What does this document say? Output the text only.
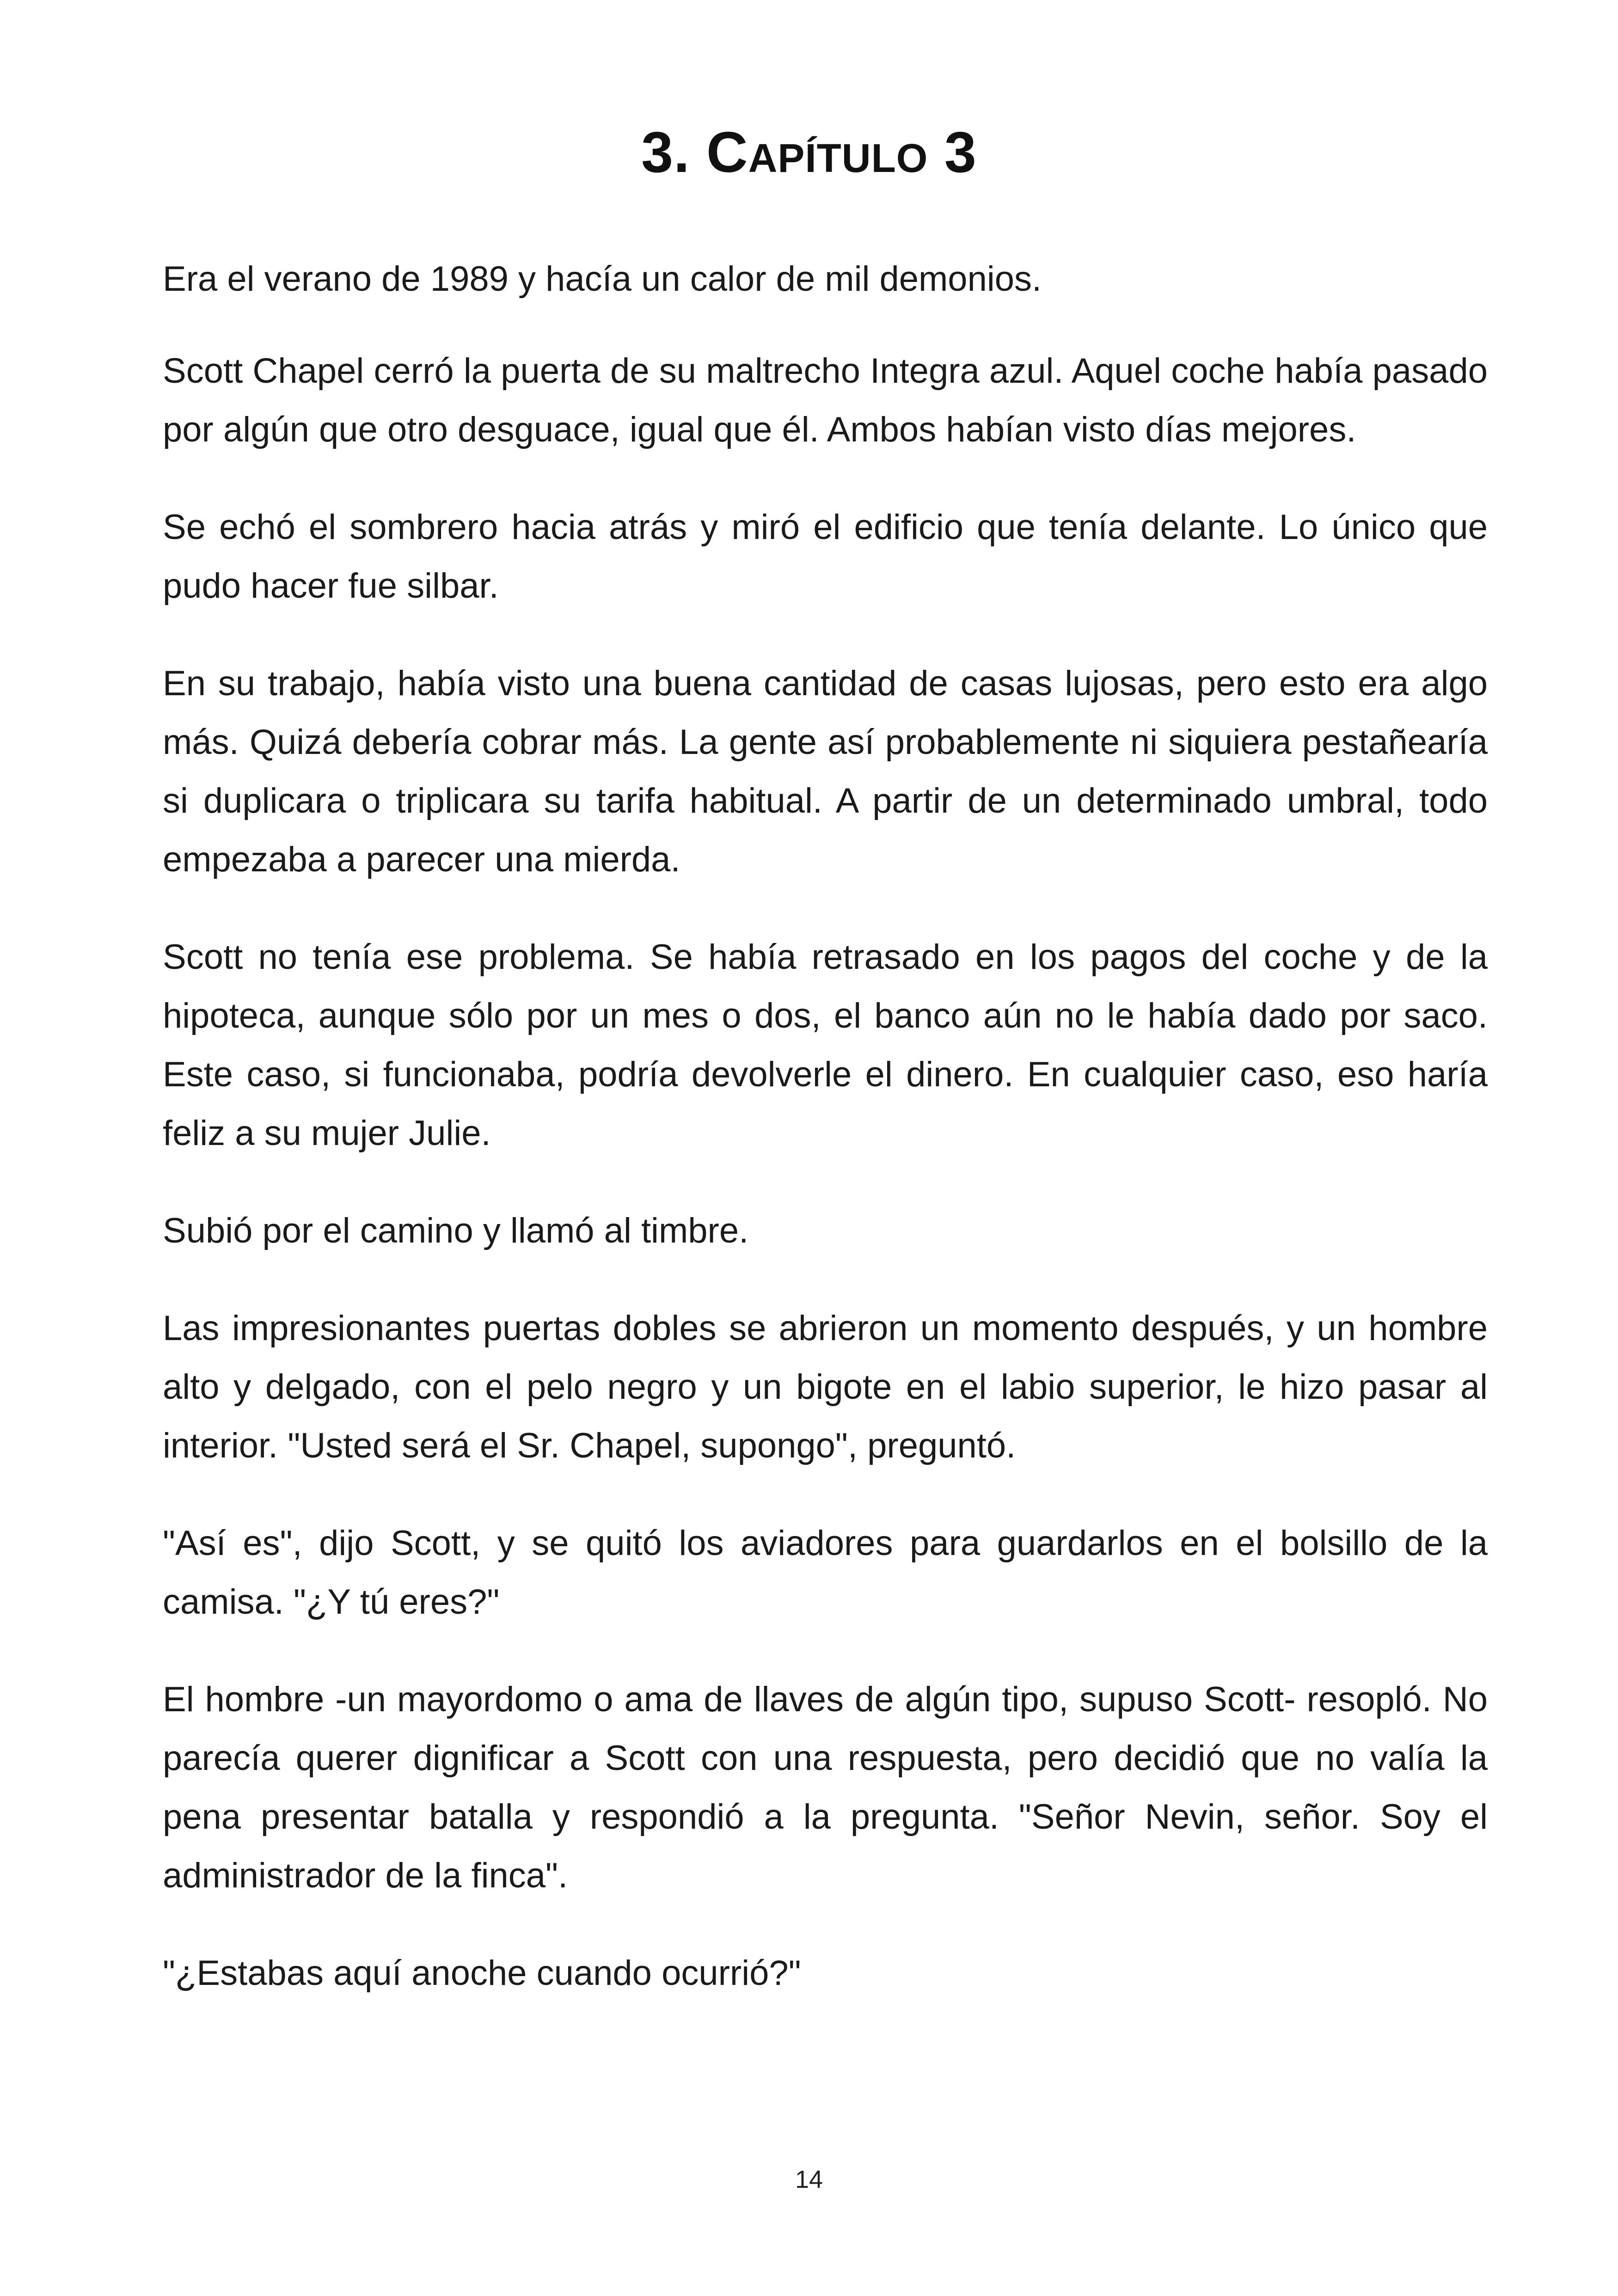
3. Capítulo 3

Era el verano de 1989 y hacía un calor de mil demonios.

Scott Chapel cerró la puerta de su maltrecho Integra azul. Aquel coche había pasado por algún que otro desguace, igual que él. Ambos habían visto días mejores.

Se echó el sombrero hacia atrás y miró el edificio que tenía delante. Lo único que pudo hacer fue silbar.

En su trabajo, había visto una buena cantidad de casas lujosas, pero esto era algo más. Quizá debería cobrar más. La gente así probablemente ni siquiera pestañearía si duplicara o triplicara su tarifa habitual. A partir de un determinado umbral, todo empezaba a parecer una mierda.

Scott no tenía ese problema. Se había retrasado en los pagos del coche y de la hipoteca, aunque sólo por un mes o dos, el banco aún no le había dado por saco. Este caso, si funcionaba, podría devolverle el dinero. En cualquier caso, eso haría feliz a su mujer Julie.

Subió por el camino y llamó al timbre.

Las impresionantes puertas dobles se abrieron un momento después, y un hombre alto y delgado, con el pelo negro y un bigote en el labio superior, le hizo pasar al interior. "Usted será el Sr. Chapel, supongo", preguntó.

"Así es", dijo Scott, y se quitó los aviadores para guardarlos en el bolsillo de la camisa. "¿Y tú eres?"

El hombre -un mayordomo o ama de llaves de algún tipo, supuso Scott- resopló. No parecía querer dignificar a Scott con una respuesta, pero decidió que no valía la pena presentar batalla y respondió a la pregunta. "Señor Nevin, señor. Soy el administrador de la finca".

"¿Estabas aquí anoche cuando ocurrió?"

14
